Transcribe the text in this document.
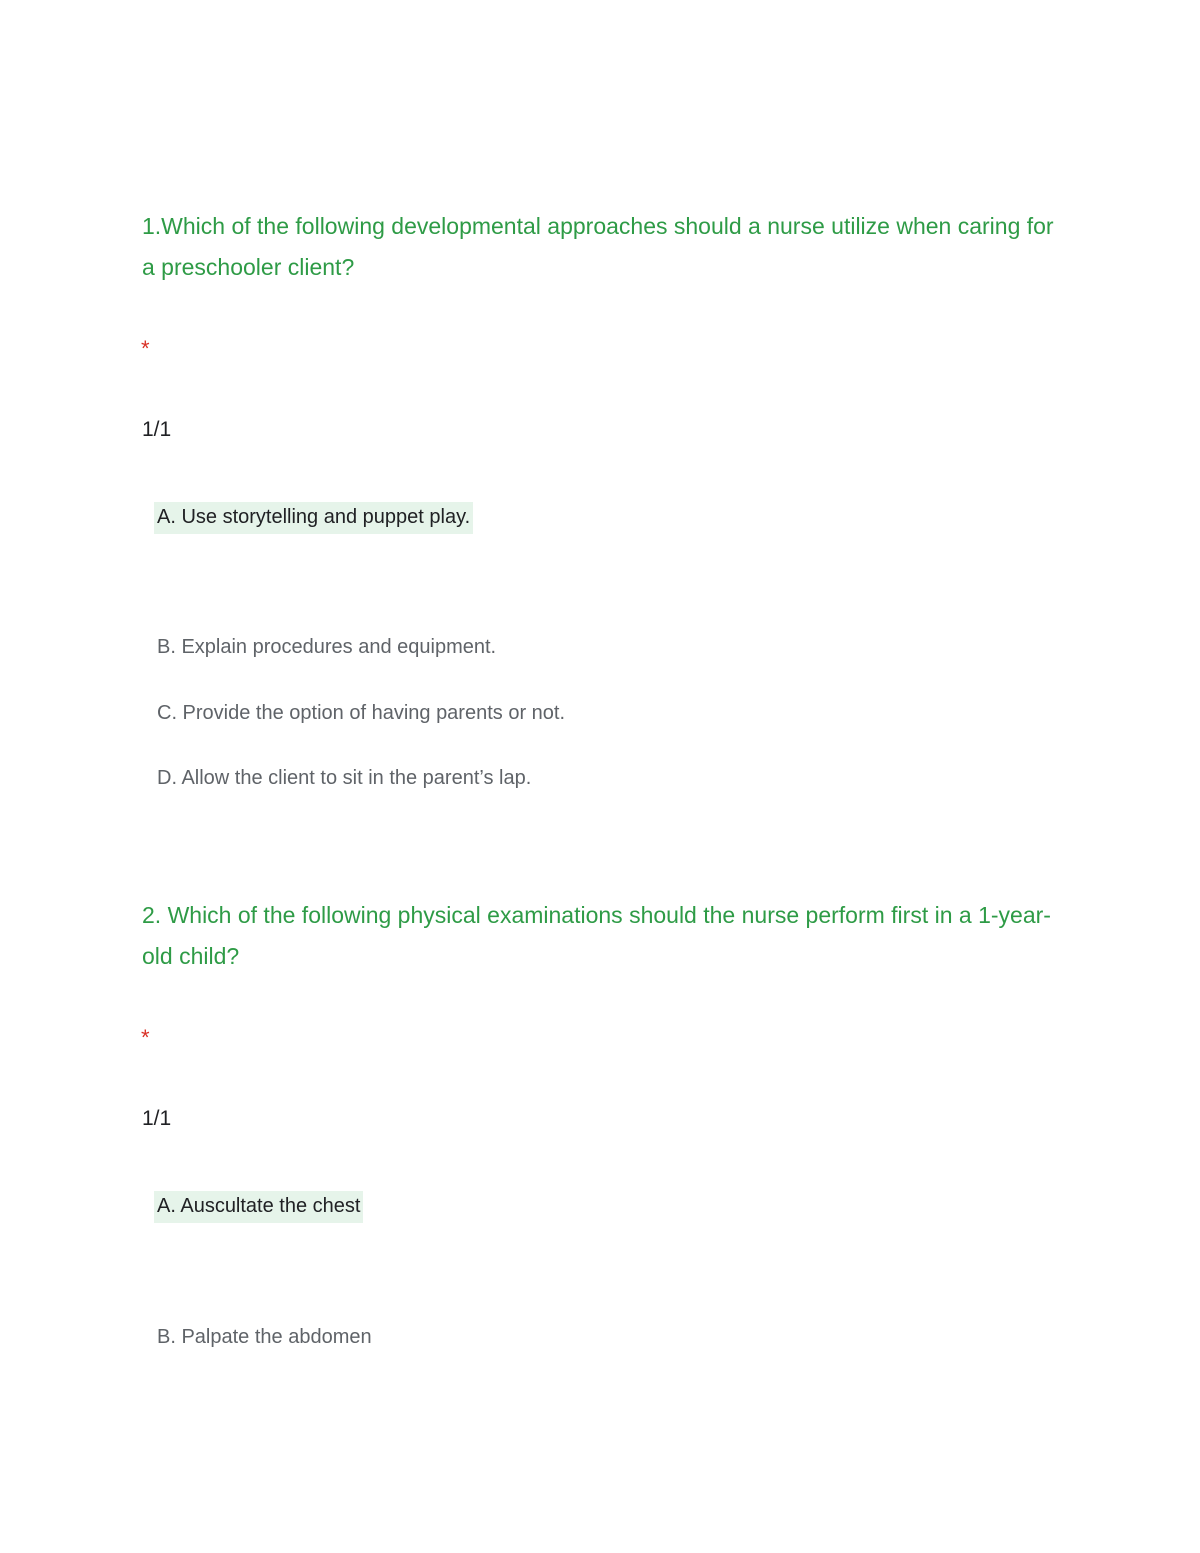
1.Which of the following developmental approaches should a nurse utilize when caring for a preschooler client?
*
1/1
A. Use storytelling and puppet play.
B. Explain procedures and equipment.
C. Provide the option of having parents or not.
D. Allow the client to sit in the parent’s lap.
2. Which of the following physical examinations should the nurse perform first in a 1-year-old child?
*
1/1
A. Auscultate the chest
B. Palpate the abdomen
